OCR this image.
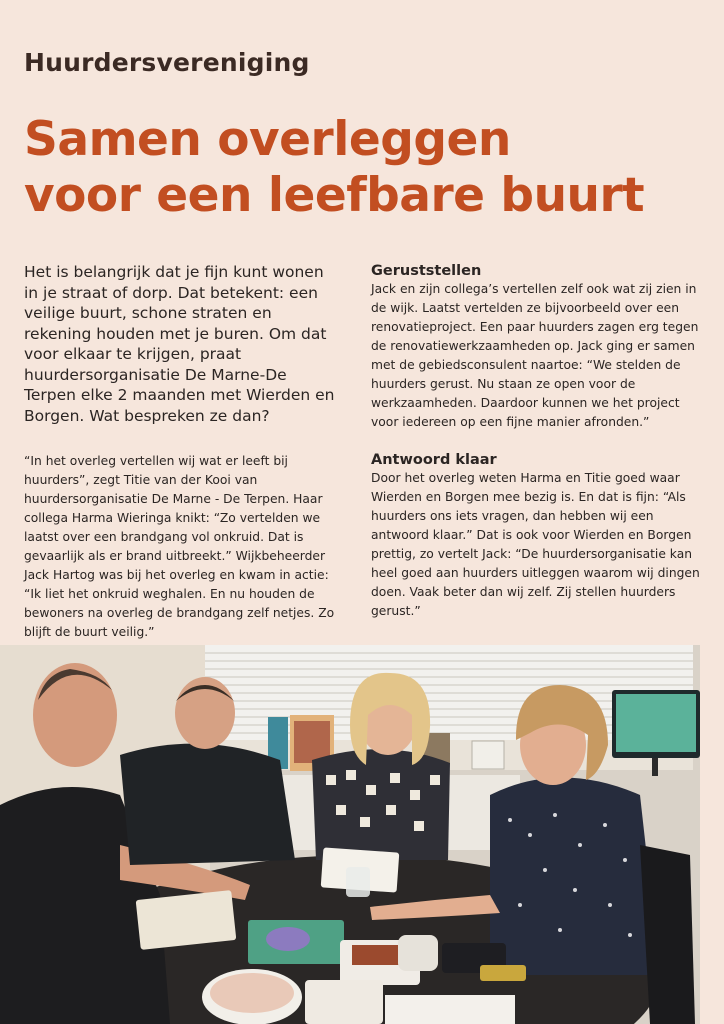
Huurdersvereniging
Samen overleggen
voor een leefbare buurt

Het is belangrijk dat je fijn kunt wonen in je straat of dorp. Dat betekent: een veilige buurt, schone straten en rekening houden met je buren. Om dat voor elkaar te krijgen, praat huurdersorganisatie De Marne-De Terpen elke 2 maanden met Wierden en Borgen. Wat bespreken ze dan?

“In het overleg vertellen wij wat er leeft bij huurders”, zegt Titie van der Kooi van huurdersorganisatie De Marne - De Terpen. Haar collega Harma Wieringa knikt: “Zo vertelden we laatst over een brandgang vol onkruid. Dat is gevaarlijk als er brand uitbreekt.” Wijkbeheerder Jack Hartog was bij het overleg en kwam in actie: “Ik liet het onkruid weghalen. En nu houden de bewoners na overleg de brandgang zelf netjes. Zo blijft de buurt veilig.”

Geruststellen

Jack en zijn collega’s vertellen zelf ook wat zij zien in de wijk. Laatst vertelden ze bijvoorbeeld over een renovatieproject. Een paar huurders zagen erg tegen de renovatiewerkzaamheden op. Jack ging er samen met de gebiedsconsulent naartoe: “We stelden de huurders gerust. Nu staan ze open voor de werkzaamheden. Daardoor kunnen we het project voor iedereen op een fijne manier afronden.”

Antwoord klaar

Door het overleg weten Harma en Titie goed waar Wierden en Borgen mee bezig is. En dat is fijn: “Als huurders ons iets vragen, dan hebben wij een antwoord klaar.” Dat is ook voor Wierden en Borgen prettig, zo vertelt Jack: “De huurdersorganisatie kan heel goed aan huurders uitleggen waarom wij dingen doen. Vaak beter dan wij zelf. Zij stellen huurders gerust.”
